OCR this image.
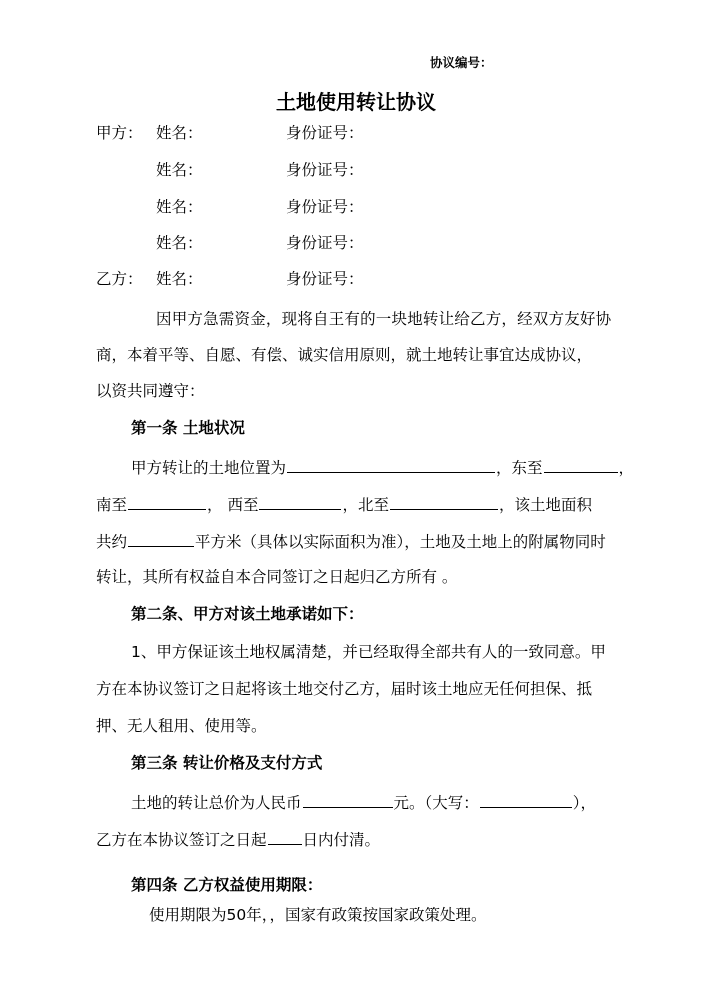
协议编号：
土地使用转让协议
甲方： 姓名：	身份证号：
姓名：	身份证号：
姓名：	身份证号：
姓名：	身份证号：
乙方： 姓名：	身份证号：
因甲方急需资金，现将自王有的一块地转让给乙方，经双方友好协
商，本着平等、自愿、有偿、诚实信用原则，就土地转让事宜达成协议，
以资共同遵守：
第一条 土地状况
甲方转让的土地位置为	，东至	，
南至	， 西至	，北至	，该土地面积
共约	平方米（具体以实际面积为准），土地及土地上的附属物同时
转让，其所有权益自本合同签订之日起归乙方所有 。
第二条、甲方对该土地承诺如下：
1、甲方保证该土地权属清楚，并已经取得全部共有人的一致同意。甲
方在本协议签订之日起将该土地交付乙方，届时该土地应无任何担保、抵
押、无人租用、使用等。
第三条 转让价格及支付方式
土地的转让总价为人民币	元。（大写：	），
乙方在本协议签订之日起 日内付清。
第四条 乙方权益使用期限：
使用期限为50年，，国家有政策按国家政策处理。
